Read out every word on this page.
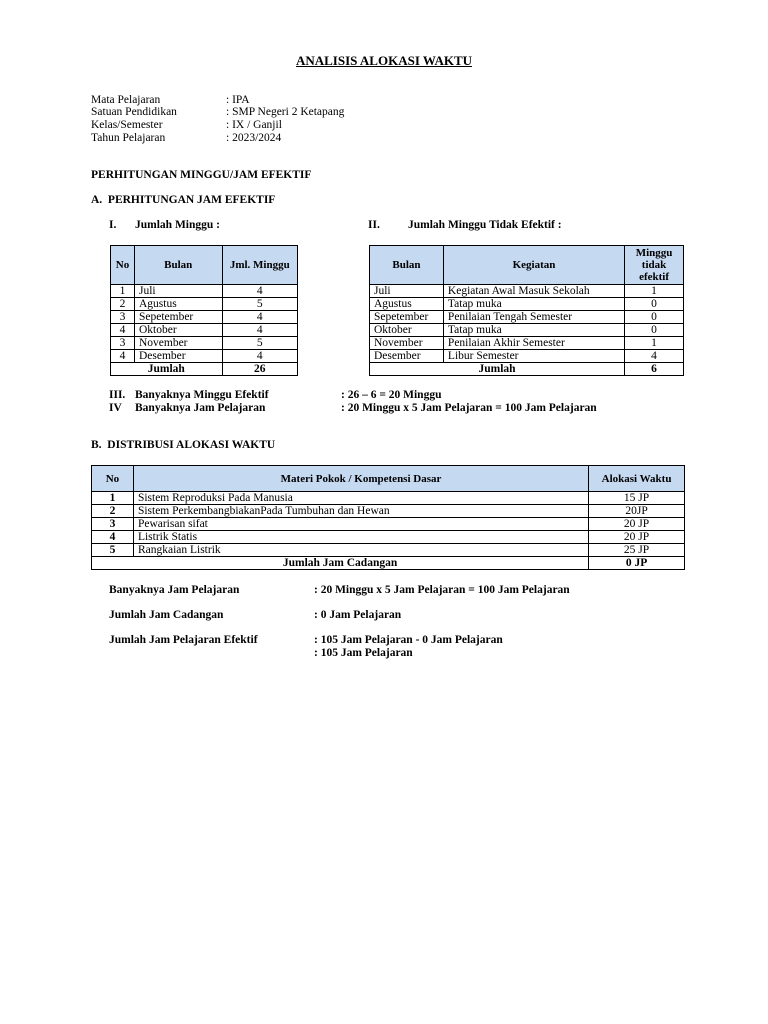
ANALISIS ALOKASI WAKTU
Mata Pelajaran	: IPA
Satuan Pendidikan	: SMP Negeri 2 Ketapang
Kelas/Semester	: IX / Ganjil
Tahun Pelajaran	: 2023/2024
PERHITUNGAN MINGGU/JAM EFEKTIF
A.  PERHITUNGAN JAM EFEKTIF
I. Jumlah Minggu :	II. Jumlah Minggu Tidak Efektif :
No	Bulan	Jml. Minggu
1	Juli	4
2	Agustus	5
3	Sepetember	4
4	Oktober	4
3	November	5
4	Desember	4
Jumlah		26
Bulan	Kegiatan	Minggu tidak efektif
Juli	Kegiatan Awal Masuk Sekolah	1
Agustus	Tatap muka	0
Sepetember	Penilaian Tengah Semester	0
Oktober	Tatap muka	0
November	Penilaian Akhir Semester	1
Desember	Libur Semester	4
Jumlah		6
III. Banyaknya Minggu Efektif	: 26 – 6 = 20 Minggu
IV Banyaknya Jam Pelajaran	: 20 Minggu x 5 Jam Pelajaran = 100 Jam Pelajaran
B.  DISTRIBUSI ALOKASI WAKTU
No	Materi Pokok / Kompetensi Dasar	Alokasi Waktu
1	Sistem Reproduksi Pada Manusia	15 JP
2	Sistem PerkembangbiakanPada Tumbuhan dan Hewan	20JP
3	Pewarisan sifat	20 JP
4	Listrik Statis	20 JP
5	Rangkaian Listrik	25 JP
Jumlah Jam Cadangan		0 JP
Banyaknya Jam Pelajaran	: 20 Minggu x 5 Jam Pelajaran = 100 Jam Pelajaran
Jumlah Jam Cadangan	: 0 Jam Pelajaran
Jumlah Jam Pelajaran Efektif	: 105 Jam Pelajaran - 0 Jam Pelajaran
: 105 Jam Pelajaran
